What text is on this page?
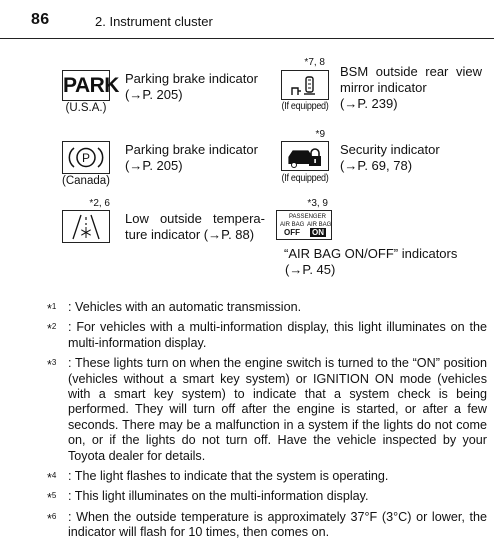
86	2. Instrument cluster
PARK
(U.S.A.)
Parking brake indicator
(→P. 205)
P
(Canada)
Parking brake indicator
(→P. 205)
*2, 6
Low outside tempera-
ture indicator (→P. 88)
*7, 8
(If equipped)
BSM outside rear view
mirror indicator
(→P. 239)
*9
(If equipped)
Security indicator
(→P. 69, 78)
*3, 9
PASSENGER
AIR BAG AIR BAG
OFF ON
“AIR BAG ON/OFF” indicators
(→P. 45)
*$^1$ : Vehicles with an automatic transmission.
*$^2$ : For vehicles with a multi-information display, this light illuminates on the multi-information display.
*$^3$ : These lights turn on when the engine switch is turned to the “ON” position (vehicles without a smart key system) or IGNITION ON mode (vehicles with a smart key system) to indicate that a system check is being performed. They will turn off after the engine is started, or after a few seconds. There may be a malfunction in a system if the lights do not come on, or if the lights do not turn off. Have the vehicle inspected by your Toyota dealer for details.
*$^4$ : The light flashes to indicate that the system is operating.
*$^5$ : This light illuminates on the multi-information display.
*$^6$ : When the outside temperature is approximately 37°F (3°C) or lower, the indicator will flash for 10 times, then comes on.
